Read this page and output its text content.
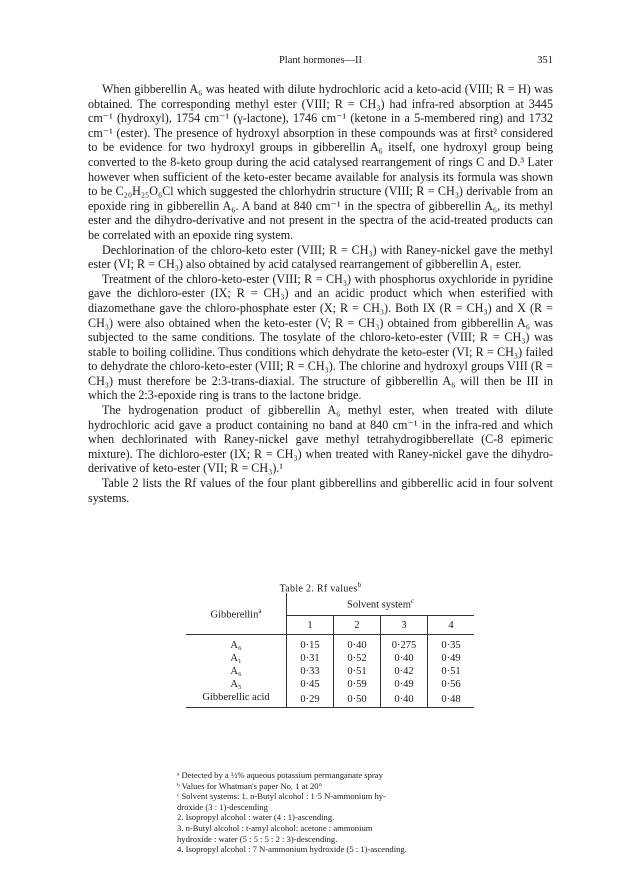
Plant hormones—II	351

When gibberellin A₆ was heated with dilute hydrochloric acid a keto-acid (VIII; R = H) was obtained. The corresponding methyl ester (VIII; R = CH₃) had infra-red absorption at 3445 cm⁻¹ (hydroxyl), 1754 cm⁻¹ (γ-lactone), 1746 cm⁻¹ (ketone in a 5-membered ring) and 1732 cm⁻¹ (ester). The presence of hydroxyl absorption in these compounds was at first² considered to be evidence for two hydroxyl groups in gibberellin A₆ itself, one hydroxyl group being converted to the 8-keto group during the acid catalysed rearrangement of rings C and D.³ Later however when sufficient of the keto-ester became available for analysis its formula was shown to be C₂₀H₂₅O₆Cl which suggested the chlorhydrin structure (VIII; R = CH₃) derivable from an epoxide ring in gibberellin A₆. A band at 840 cm⁻¹ in the spectra of gibberellin A₆, its methyl ester and the dihydro-derivative and not present in the spectra of the acid-treated products can be correlated with an epoxide ring system.

Dechlorination of the chloro-keto ester (VIII; R = CH₃) with Raney-nickel gave the methyl ester (VI; R = CH₃) also obtained by acid catalysed rearrangement of gibberellin A₁ ester.

Treatment of the chloro-keto-ester (VIII; R = CH₃) with phosphorus oxychloride in pyridine gave the dichloro-ester (IX; R = CH₃) and an acidic product which when esterified with diazomethane gave the chloro-phosphate ester (X; R = CH₃). Both IX (R = CH₃) and X (R = CH₃) were also obtained when the keto-ester (V; R = CH₃) obtained from gibberellin A₆ was subjected to the same conditions. The tosylate of the chloro-keto-ester (VIII; R = CH₃) was stable to boiling collidine. Thus conditions which dehydrate the keto-ester (VI; R = CH₃) failed to dehydrate the chloro-keto-ester (VIII; R = CH₃). The chlorine and hydroxyl groups VIII (R = CH₃) must therefore be 2:3-trans-diaxial. The structure of gibberellin A₆ will then be III in which the 2:3-epoxide ring is trans to the lactone bridge.

The hydrogenation product of gibberellin A₆ methyl ester, when treated with dilute hydrochloric acid gave a product containing no band at 840 cm⁻¹ in the infra-red and which when dechlorinated with Raney-nickel gave methyl tetrahydrogibberellate (C-8 epimeric mixture). The dichloro-ester (IX; R = CH₃) when treated with Raney-nickel gave the dihydro-derivative of keto-ester (VII; R = CH₃).¹

Table 2 lists the Rf values of the four plant gibberellins and gibberellic acid in four solvent systems.

Table 2. Rf values$^b$
Gibberellin$^a$	Solvent system$^c$
	1	2	3	4
A₆	0·15	0·40	0·275	0·35
A₁	0·31	0·52	0·40	0·49
A₆	0·33	0·51	0·42	0·51
A₅	0·45	0·59	0·49	0·56
Gibberellic acid	0·29	0·50	0·40	0·48
ᵃ Detected by a ½% aqueous potassium permanganate spray
ᵇ Values for Whatman's paper No. 1 at 20°
ᶜ Solvent systems: 1. n-Butyl alcohol : 1·5 N-ammonium hy-
droxide (3 : 1)-descending
2. Isopropyl alcohol : water (4 : 1)-ascending.
3. n-Butyl alcohol : t-amyl alcohol: acetone : ammonium
hydroxide : water (5 : 5 : 5 : 2 : 3)-descending.
4. Isopropyl alcohol : 7 N-ammonium hydroxide (5 : 1)-ascending.
